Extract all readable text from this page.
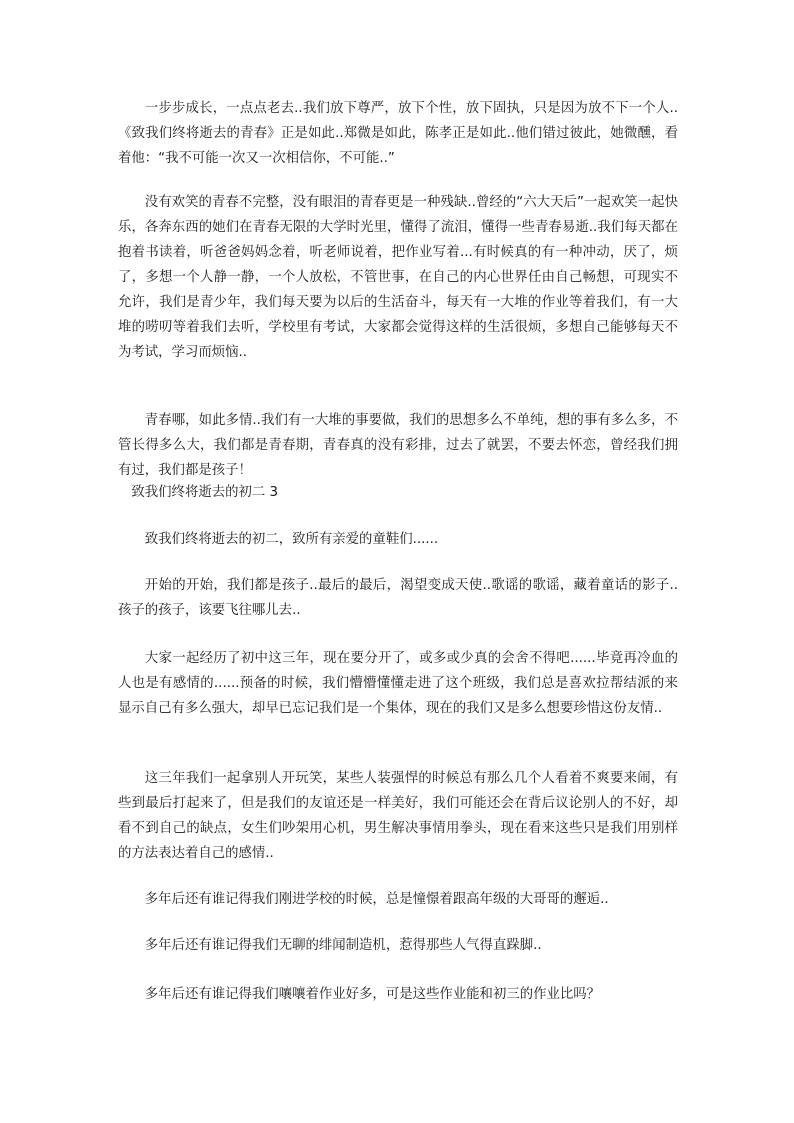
一步步成长，一点点老去..我们放下尊严，放下个性，放下固执，只是因为放不下一个人..《致我们终将逝去的青春》正是如此..郑微是如此，陈孝正是如此..他们错过彼此，她微醺，看着他：“我不可能一次又一次相信你，不可能..”

没有欢笑的青春不完整，没有眼泪的青春更是一种残缺..曾经的“六大天后”一起欢笑一起快乐，各奔东西的她们在青春无限的大学时光里，懂得了流泪，懂得一些青春易逝..我们每天都在抱着书读着，听爸爸妈妈念着，听老师说着，把作业写着...有时候真的有一种冲动，厌了，烦了，多想一个人静一静，一个人放松，不管世事，在自己的内心世界任由自己畅想，可现实不允许，我们是青少年，我们每天要为以后的生活奋斗，每天有一大堆的作业等着我们，有一大堆的唠叨等着我们去听，学校里有考试，大家都会觉得这样的生活很烦，多想自己能够每天不为考试，学习而烦恼..

青春哪，如此多情..我们有一大堆的事要做，我们的思想多么不单纯，想的事有多么多，不管长得多么大，我们都是青春期，青春真的没有彩排，过去了就罢，不要去怀恋，曾经我们拥有过，我们都是孩子！

致我们终将逝去的初二 3

致我们终将逝去的初二，致所有亲爱的童鞋们......

开始的开始，我们都是孩子..最后的最后，渴望变成天使..歌谣的歌谣，藏着童话的影子..孩子的孩子，该要飞往哪儿去..

大家一起经历了初中这三年，现在要分开了，或多或少真的会舍不得吧......毕竟再冷血的人也是有感情的......预备的时候，我们懵懵懂懂走进了这个班级，我们总是喜欢拉帮结派的来显示自己有多么强大，却早已忘记我们是一个集体，现在的我们又是多么想要珍惜这份友情..

这三年我们一起拿别人开玩笑，某些人装强悍的时候总有那么几个人看着不爽要来闹，有些到最后打起来了，但是我们的友谊还是一样美好，我们可能还会在背后议论别人的不好，却看不到自己的缺点，女生们吵架用心机，男生解决事情用拳头，现在看来这些只是我们用别样的方法表达着自己的感情..

多年后还有谁记得我们刚进学校的时候，总是憧憬着跟高年级的大哥哥的邂逅..

多年后还有谁记得我们无聊的绯闻制造机，惹得那些人气得直跺脚..

多年后还有谁记得我们嚷嚷着作业好多，可是这些作业能和初三的作业比吗？
